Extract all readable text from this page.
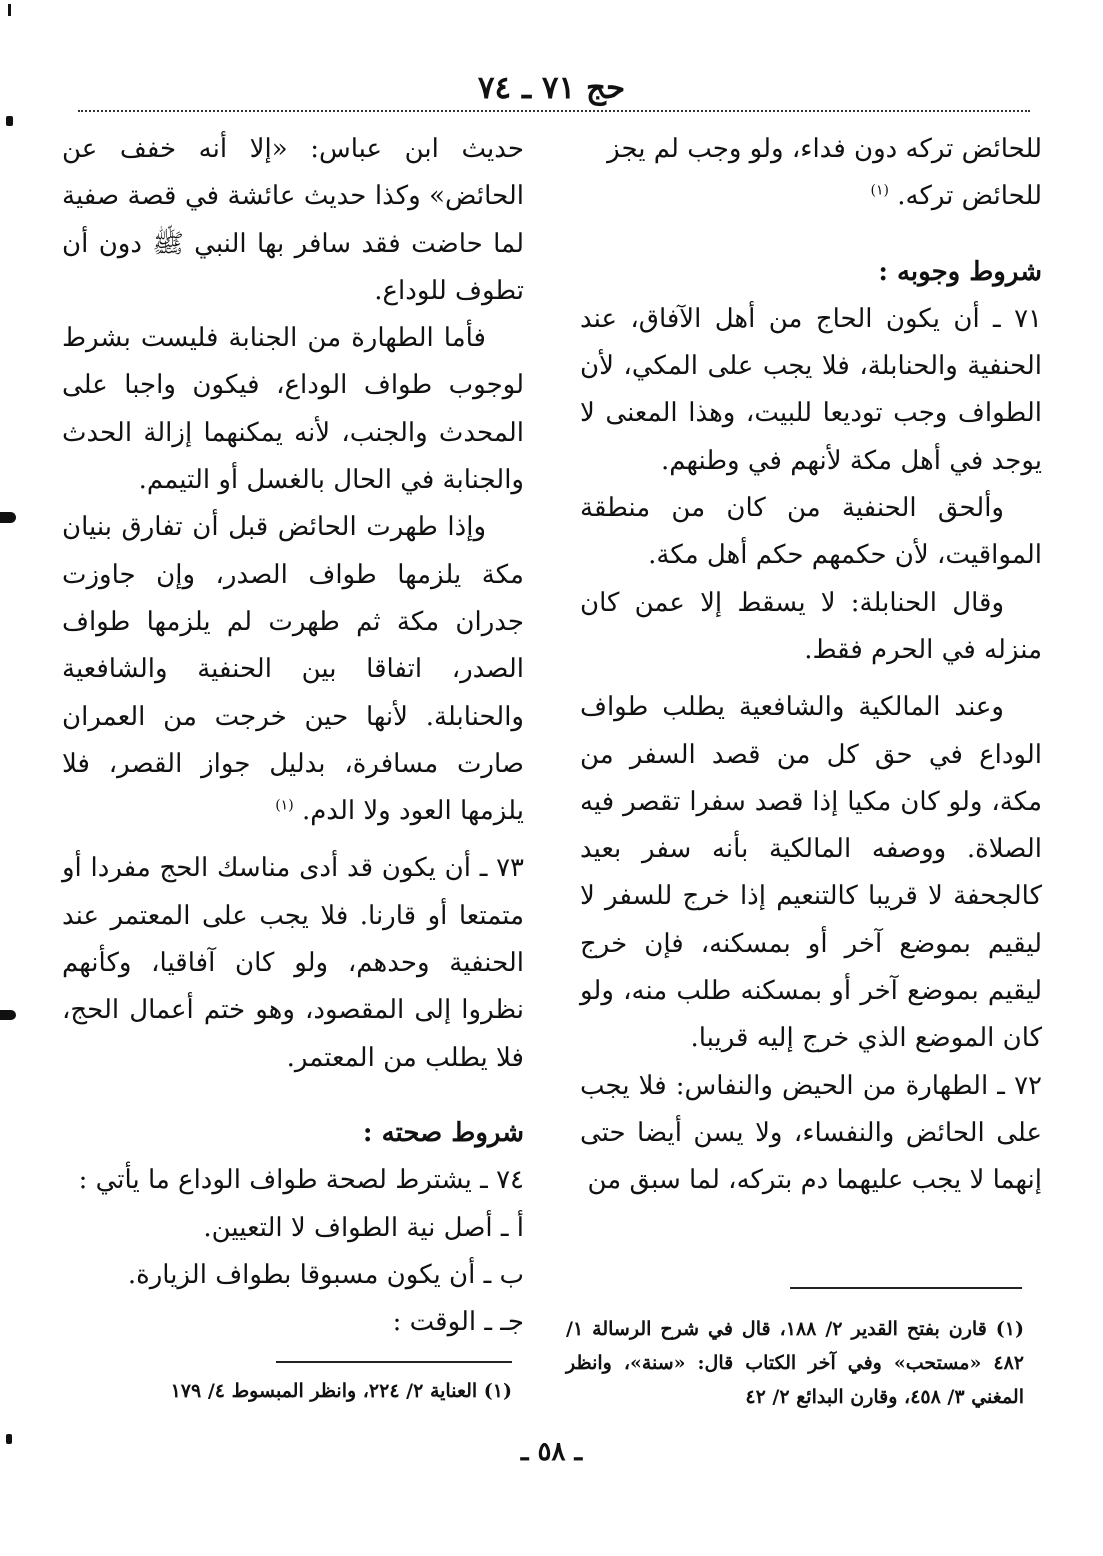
حج ٧١ ـ ٧٤

للحائض تركه دون فداء، ولو وجب لم يجز
للحائض تركه. $^{(١)}$

شروط وجوبه :

٧١ ـ أن يكون الحاج من أهل الآفاق، عند الحنفية والحنابلة، فلا يجب على المكي، لأن الطواف وجب توديعا للبيت، وهذا المعنى لا يوجد في أهل مكة لأنهم في وطنهم.

وألحق الحنفية من كان من منطقة المواقيت، لأن حكمهم حكم أهل مكة.

وقال الحنابلة: لا يسقط إلا عمن كان منزله في الحرم فقط.

وعند المالكية والشافعية يطلب طواف الوداع في حق كل من قصد السفر من مكة، ولو كان مكيا إذا قصد سفرا تقصر فيه الصلاة. ووصفه المالكية بأنه سفر بعيد كالجحفة لا قريبا كالتنعيم إذا خرج للسفر لا ليقيم بموضع آخر أو بمسكنه، فإن خرج ليقيم بموضع آخر أو بمسكنه طلب منه، ولو كان الموضع الذي خرج إليه قريبا.

٧٢ ـ الطهارة من الحيض والنفاس: فلا يجب على الحائض والنفساء، ولا يسن أيضا حتى إنهما لا يجب عليهما دم بتركه، لما سبق من

حديث ابن عباس: «إلا أنه خفف عن الحائض» وكذا حديث عائشة في قصة صفية لما حاضت فقد سافر بها النبي ﷺ دون أن تطوف للوداع.

فأما الطهارة من الجنابة فليست بشرط لوجوب طواف الوداع، فيكون واجبا على المحدث والجنب، لأنه يمكنهما إزالة الحدث والجنابة في الحال بالغسل أو التيمم.

وإذا طهرت الحائض قبل أن تفارق بنيان مكة يلزمها طواف الصدر، وإن جاوزت جدران مكة ثم طهرت لم يلزمها طواف الصدر، اتفاقا بين الحنفية والشافعية والحنابلة. لأنها حين خرجت من العمران صارت مسافرة، بدليل جواز القصر، فلا يلزمها العود ولا الدم. $^{(١)}$

٧٣ ـ أن يكون قد أدى مناسك الحج مفردا أو متمتعا أو قارنا. فلا يجب على المعتمر عند الحنفية وحدهم، ولو كان آفاقيا، وكأنهم نظروا إلى المقصود، وهو ختم أعمال الحج، فلا يطلب من المعتمر.

شروط صحته :

٧٤ ـ يشترط لصحة طواف الوداع ما يأتي :

أ ـ أصل نية الطواف لا التعيين.

ب ـ أن يكون مسبوقا بطواف الزيارة.

جـ ـ الوقت : (١) قارن بفتح القدير ٢/ ١٨٨، قال في شرح الرسالة ١/ ٤٨٢ «مستحب» وفي آخر الكتاب قال: «سنة»، وانظر المغني ٣/ ٤٥٨، وقارن البدائع ٢/ ٤٢
(١) العناية ٢/ ٢٢٤، وانظر المبسوط ٤/ ١٧٩
ـ ٥٨ ـ
